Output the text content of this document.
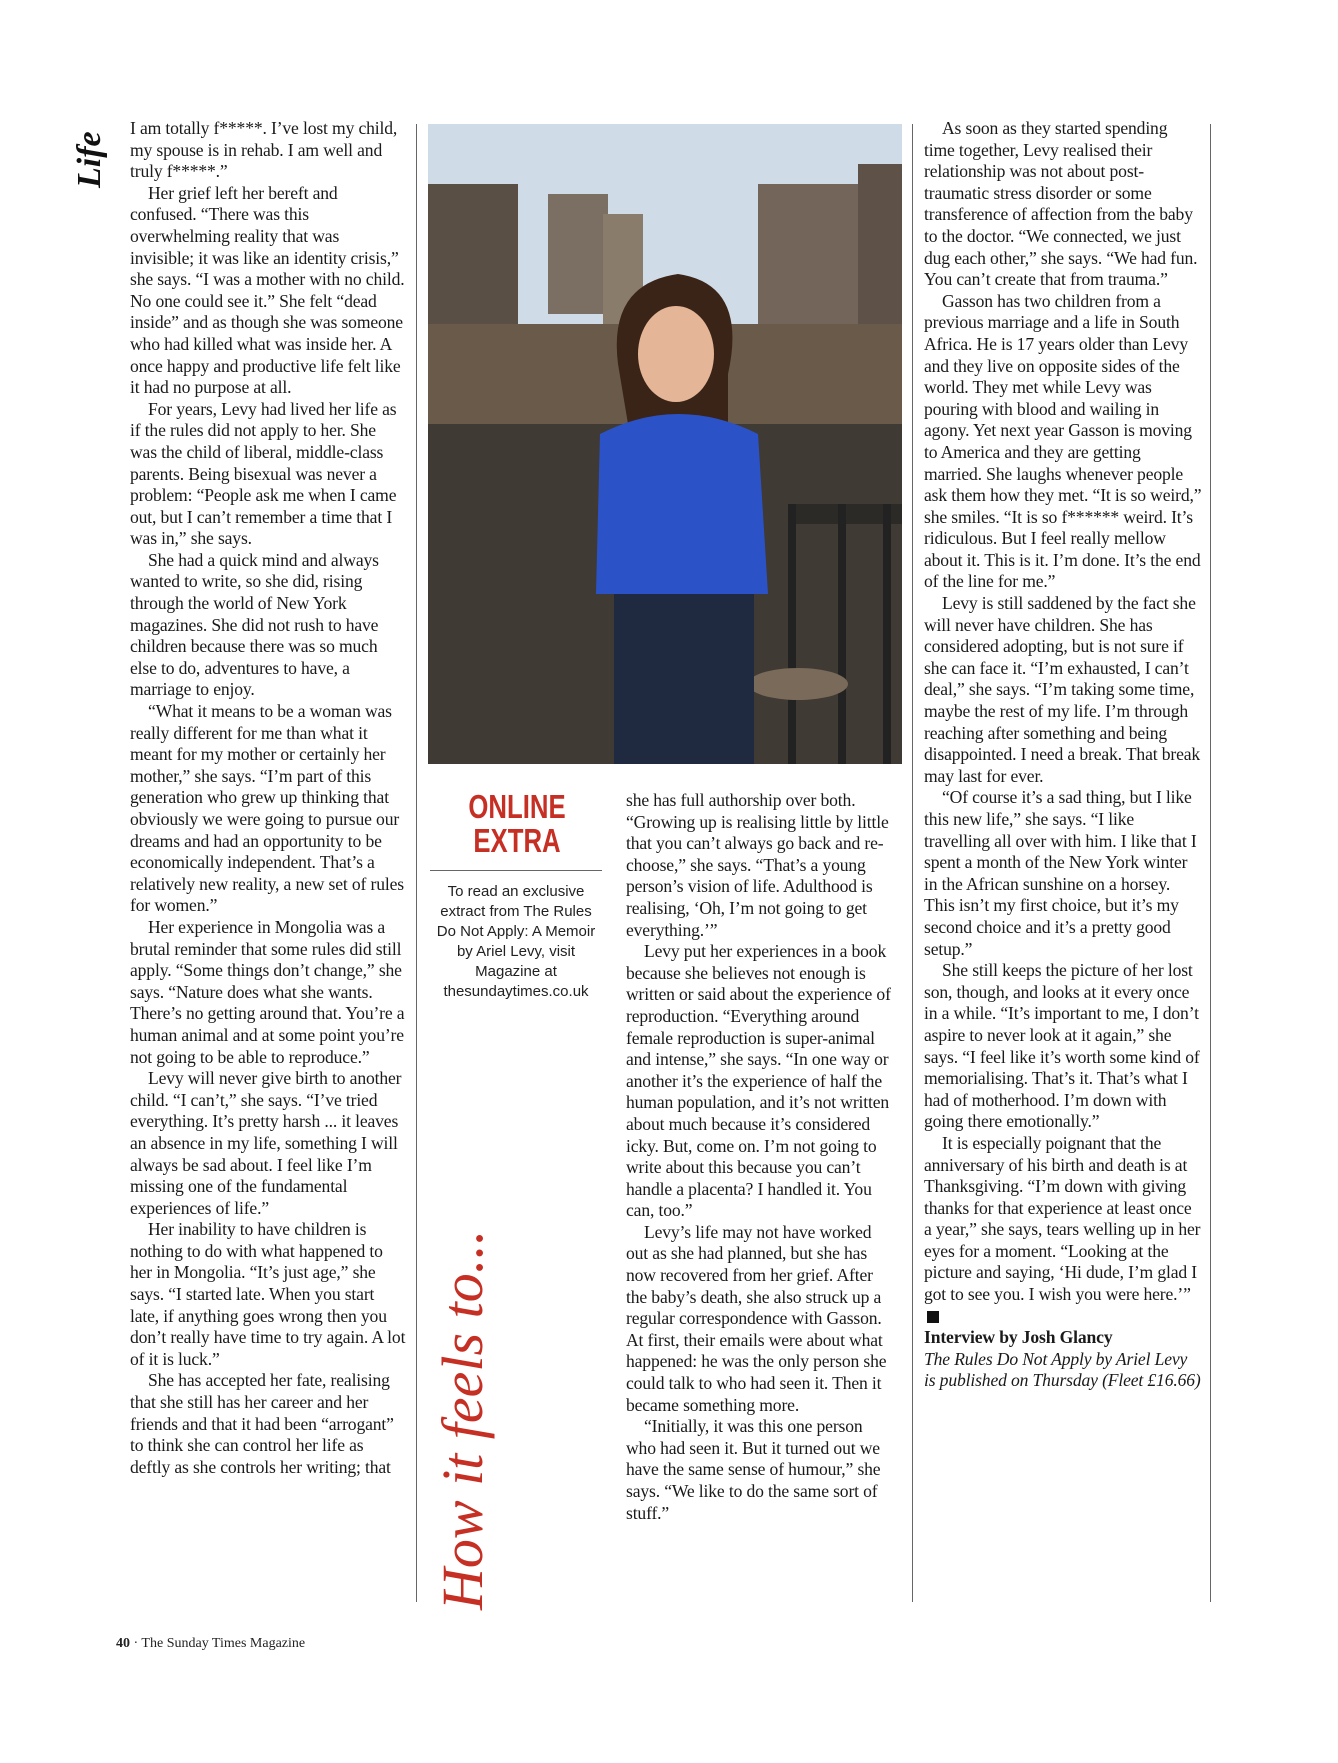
Life

I am totally f*****. I’ve lost my child, my spouse is in rehab. I am well and truly f*****.”

Her grief left her bereft and confused. “There was this overwhelming reality that was invisible; it was like an identity crisis,” she says. “I was a mother with no child. No one could see it.” She felt “dead inside” and as though she was someone who had killed what was inside her. A once happy and productive life felt like it had no purpose at all.

For years, Levy had lived her life as if the rules did not apply to her. She was the child of liberal, middle-class parents. Being bisexual was never a problem: “People ask me when I came out, but I can’t remember a time that I was in,” she says.

She had a quick mind and always wanted to write, so she did, rising through the world of New York magazines. She did not rush to have children because there was so much else to do, adventures to have, a marriage to enjoy.

“What it means to be a woman was really different for me than what it meant for my mother or certainly her mother,” she says. “I’m part of this generation who grew up thinking that obviously we were going to pursue our dreams and had an opportunity to be economically independent. That’s a relatively new reality, a new set of rules for women.”

Her experience in Mongolia was a brutal reminder that some rules did still apply. “Some things don’t change,” she says. “Nature does what she wants. There’s no getting around that. You’re a human animal and at some point you’re not going to be able to reproduce.”

Levy will never give birth to another child. “I can’t,” she says. “I’ve tried everything. It’s pretty harsh ... it leaves an absence in my life, something I will always be sad about. I feel like I’m missing one of the fundamental experiences of life.”

Her inability to have children is nothing to do with what happened to her in Mongolia. “It’s just age,” she says. “I started late. When you start late, if anything goes wrong then you don’t really have time to try again. A lot of it is luck.”

She has accepted her fate, realising that she still has her career and her friends and that it had been “arrogant” to think she can control her life as deftly as she controls her writing; that

ONLINE EXTRA
To read an exclusive extract from The Rules Do Not Apply: A Memoir by Ariel Levy, visit Magazine at thesundaytimes.co.uk
How it feels to...

she has full authorship over both. “Growing up is realising little by little that you can’t always go back and re-choose,” she says. “That’s a young person’s vision of life. Adulthood is realising, ‘Oh, I’m not going to get everything.’”

Levy put her experiences in a book because she believes not enough is written or said about the experience of reproduction. “Everything around female reproduction is super-animal and intense,” she says. “In one way or another it’s the experience of half the human population, and it’s not written about much because it’s considered icky. But, come on. I’m not going to write about this because you can’t handle a placenta? I handled it. You can, too.”

Levy’s life may not have worked out as she had planned, but she has now recovered from her grief. After the baby’s death, she also struck up a regular correspondence with Gasson. At first, their emails were about what happened: he was the only person she could talk to who had seen it. Then it became something more.

“Initially, it was this one person who had seen it. But it turned out we have the same sense of humour,” she says. “We like to do the same sort of stuff.”

As soon as they started spending time together, Levy realised their relationship was not about post-traumatic stress disorder or some transference of affection from the baby to the doctor. “We connected, we just dug each other,” she says. “We had fun. You can’t create that from trauma.”

Gasson has two children from a previous marriage and a life in South Africa. He is 17 years older than Levy and they live on opposite sides of the world. They met while Levy was pouring with blood and wailing in agony. Yet next year Gasson is moving to America and they are getting married. She laughs whenever people ask them how they met. “It is so weird,” she smiles. “It is so f****** weird. It’s ridiculous. But I feel really mellow about it. This is it. I’m done. It’s the end of the line for me.”

Levy is still saddened by the fact she will never have children. She has considered adopting, but is not sure if she can face it. “I’m exhausted, I can’t deal,” she says. “I’m taking some time, maybe the rest of my life. I’m through reaching after something and being disappointed. I need a break. That break may last for ever.

“Of course it’s a sad thing, but I like this new life,” she says. “I like travelling all over with him. I like that I spent a month of the New York winter in the African sunshine on a horsey. This isn’t my first choice, but it’s my second choice and it’s a pretty good setup.”

She still keeps the picture of her lost son, though, and looks at it every once in a while. “It’s important to me, I don’t aspire to never look at it again,” she says. “I feel like it’s worth some kind of memorialising. That’s it. That’s what I had of motherhood. I’m down with going there emotionally.”

It is especially poignant that the anniversary of his birth and death is at Thanksgiving. “I’m down with giving thanks for that experience at least once a year,” she says, tears welling up in her eyes for a moment. “Looking at the picture and saying, ‘Hi dude, I’m glad I got to see you. I wish you were here.’”

Interview by Josh Glancy

The Rules Do Not Apply by Ariel Levy is published on Thursday (Fleet £16.66)

40 · The Sunday Times Magazine
